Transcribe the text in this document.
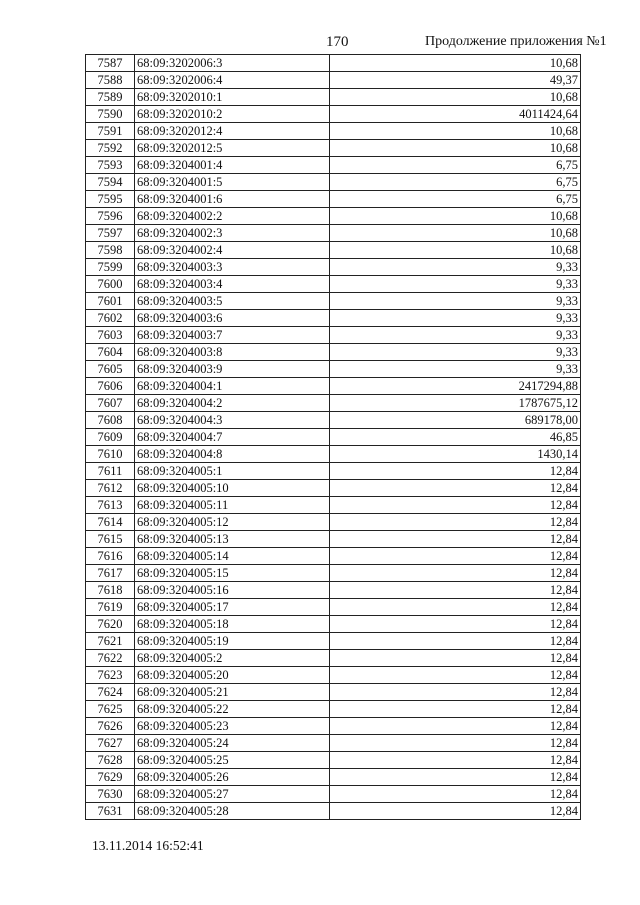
170	Продолжение приложения №1
7587	68:09:3202006:3	10,68
7588	68:09:3202006:4	49,37
7589	68:09:3202010:1	10,68
7590	68:09:3202010:2	4011424,64
7591	68:09:3202012:4	10,68
7592	68:09:3202012:5	10,68
7593	68:09:3204001:4	6,75
7594	68:09:3204001:5	6,75
7595	68:09:3204001:6	6,75
7596	68:09:3204002:2	10,68
7597	68:09:3204002:3	10,68
7598	68:09:3204002:4	10,68
7599	68:09:3204003:3	9,33
7600	68:09:3204003:4	9,33
7601	68:09:3204003:5	9,33
7602	68:09:3204003:6	9,33
7603	68:09:3204003:7	9,33
7604	68:09:3204003:8	9,33
7605	68:09:3204003:9	9,33
7606	68:09:3204004:1	2417294,88
7607	68:09:3204004:2	1787675,12
7608	68:09:3204004:3	689178,00
7609	68:09:3204004:7	46,85
7610	68:09:3204004:8	1430,14
7611	68:09:3204005:1	12,84
7612	68:09:3204005:10	12,84
7613	68:09:3204005:11	12,84
7614	68:09:3204005:12	12,84
7615	68:09:3204005:13	12,84
7616	68:09:3204005:14	12,84
7617	68:09:3204005:15	12,84
7618	68:09:3204005:16	12,84
7619	68:09:3204005:17	12,84
7620	68:09:3204005:18	12,84
7621	68:09:3204005:19	12,84
7622	68:09:3204005:2	12,84
7623	68:09:3204005:20	12,84
7624	68:09:3204005:21	12,84
7625	68:09:3204005:22	12,84
7626	68:09:3204005:23	12,84
7627	68:09:3204005:24	12,84
7628	68:09:3204005:25	12,84
7629	68:09:3204005:26	12,84
7630	68:09:3204005:27	12,84
7631	68:09:3204005:28	12,84
13.11.2014 16:52:41
